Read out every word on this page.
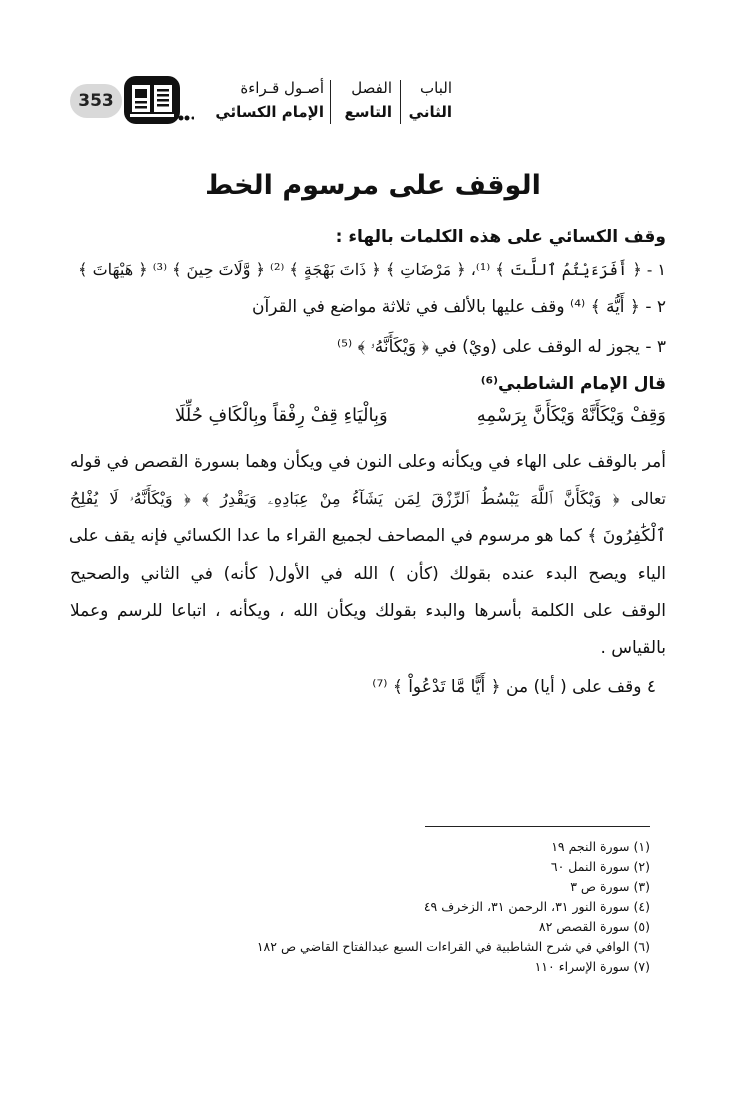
353
أصـول قـراءة
الإمام الكسائي
الفصل
التاسع
الباب
الثاني
الوقف على مرسوم الخط
وقف الكسائي على هذه الكلمات بالهاء :
١ - ﴿ أَفَرَءَيْتُمُ ٱللَّتَ ﴾ ⁽¹⁾، ﴿ مَرْضَاتِ ﴾ ﴿ ذَاتَ بَهْجَةٍ ﴾ ⁽²⁾ ﴿ وَّلَاتَ حِينَ ﴾ ⁽³⁾ ﴿ هَيْهَاتَ ﴾
٢ - ﴿ أَيُّهَ ﴾ ⁽⁴⁾ وقف عليها بالألف في ثلاثة مواضع في القرآن
٣ - يجوز له الوقف على (ويْ) في ﴿ وَيْكَأَنَّهُۥ ﴾ ⁽⁵⁾
قال الإمام الشاطبي⁽⁶⁾
وَقِفْ وَيْكَأَنَّهْ وَيْكَأَنَّ بِرَسْمِهِ
وَبِالْيَاءِ قِفْ رِفْقاً وبِالْكَافِ حُلِّلَا
أمر بالوقف على الهاء في ويكأنه وعلى النون في ويكأن وهما بسورة القصص في قوله
تعالى ﴿ وَيْكَأَنَّ ٱللَّهَ يَبْسُطُ ٱلرِّزْقَ لِمَن يَشَآءُ مِنْ عِبَادِهِۦ وَيَقْدِرُ ﴾ ﴿ وَيْكَأَنَّهُۥ لَا يُفْلِحُ
ٱلْكَٰفِرُونَ ﴾ كما هو مرسوم في المصاحف لجميع القراء ما عدا الكسائي فإنه يقف على
الياء ويصح البدء عنده بقولك (كأن ) الله في الأول( كأنه) في الثاني والصحيح
الوقف على الكلمة بأسرها والبدء بقولك ويكأن الله ، ويكأنه ، اتباعا للرسم وعملا
بالقياس .
٤ وقف على ( أيا) من ﴿ أَيًّا مَّا تَدْعُواْ ﴾ ⁽⁷⁾
(١) سورة النجم ١٩
(٢) سورة النمل ٦٠
(٣) سورة ص ٣
(٤) سورة النور ٣١، الرحمن ٣١، الزخرف ٤٩
(٥) سورة القصص ٨٢
(٦) الوافي في شرح الشاطبية في القراءات السبع عبدالفتاح القاضي ص ١٨٢
(٧) سورة الإسراء ١١٠
